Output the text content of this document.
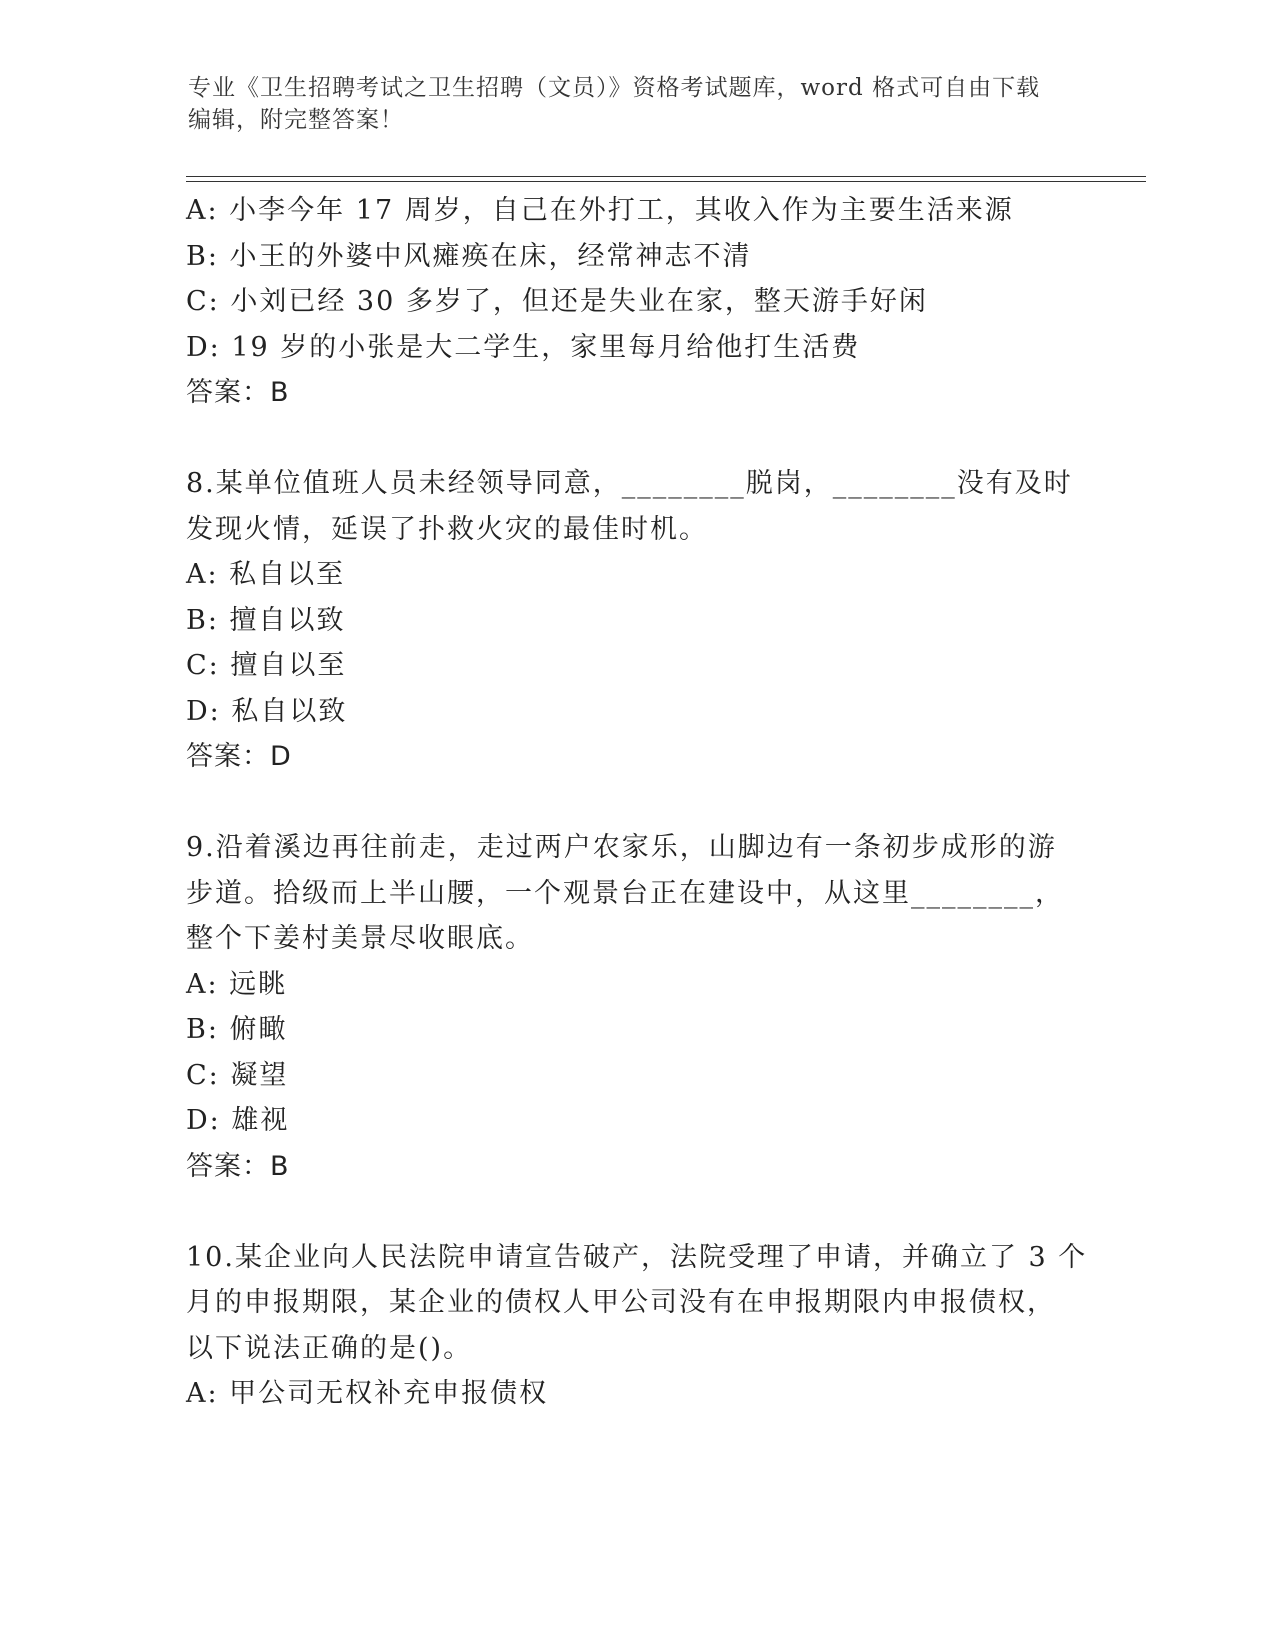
专业《卫生招聘考试之卫生招聘（文员）》资格考试题库，word 格式可自由下载
编辑，附完整答案！
A: 小李今年 17 周岁，自己在外打工，其收入作为主要生活来源
B: 小王的外婆中风瘫痪在床，经常神志不清
C: 小刘已经 30 多岁了，但还是失业在家，整天游手好闲
D: 19 岁的小张是大二学生，家里每月给他打生活费
答案：B
8.某单位值班人员未经领导同意，________脱岗，________没有及时
发现火情，延误了扑救火灾的最佳时机。
A: 私自以至
B: 擅自以致
C: 擅自以至
D: 私自以致
答案：D
9.沿着溪边再往前走，走过两户农家乐，山脚边有一条初步成形的游
步道。拾级而上半山腰，一个观景台正在建设中，从这里________，
整个下姜村美景尽收眼底。
A: 远眺
B: 俯瞰
C: 凝望
D: 雄视
答案：B
10.某企业向人民法院申请宣告破产，法院受理了申请，并确立了 3 个
月的申报期限，某企业的债权人甲公司没有在申报期限内申报债权，
以下说法正确的是()。
A: 甲公司无权补充申报债权
